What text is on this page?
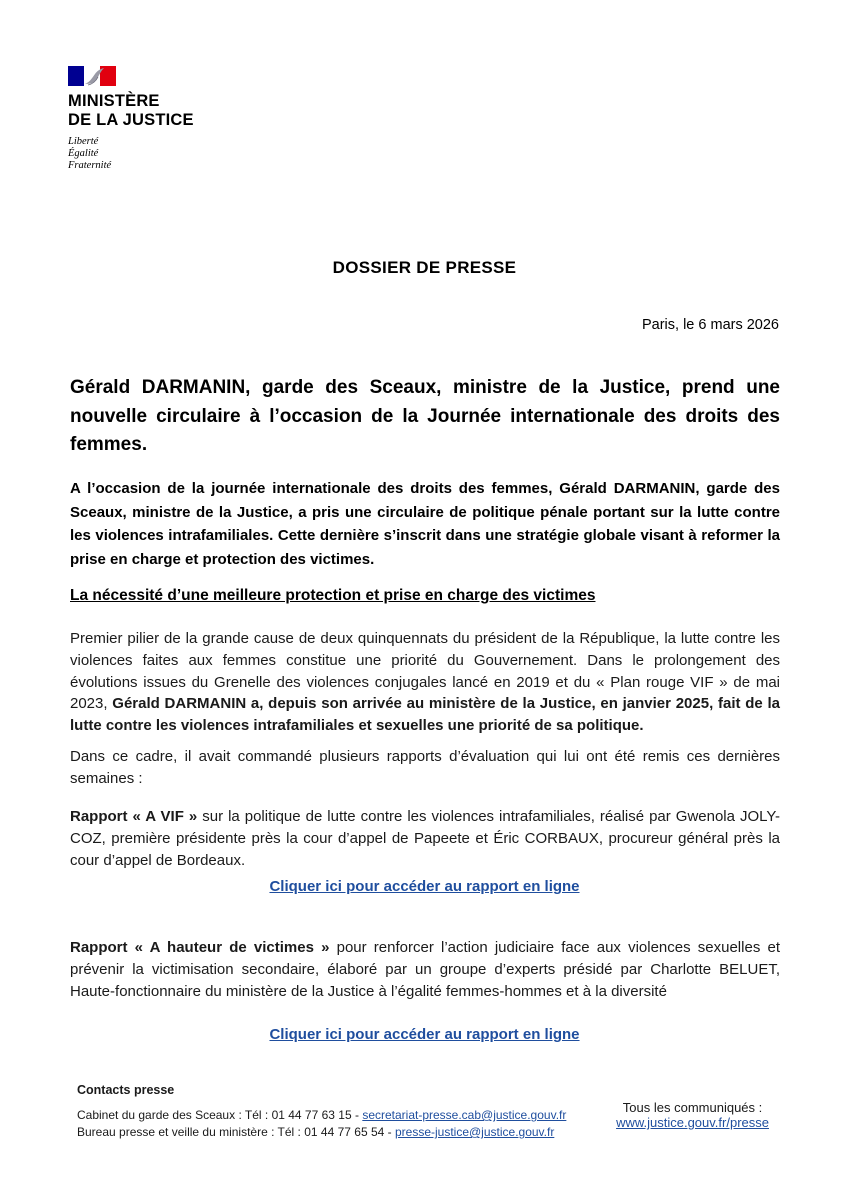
MINISTÈRE
DE LA JUSTICE
Liberté
Égalité
Fraternité
DOSSIER DE PRESSE
Paris, le 6 mars 2026
Gérald DARMANIN, garde des Sceaux, ministre de la Justice, prend une nouvelle circulaire à l’occasion de la Journée internationale des droits des femmes.
A l’occasion de la journée internationale des droits des femmes, Gérald DARMANIN, garde des Sceaux, ministre de la Justice, a pris une circulaire de politique pénale portant sur la lutte contre les violences intrafamiliales. Cette dernière s’inscrit dans une stratégie globale visant à reformer la prise en charge et protection des victimes.
La nécessité d’une meilleure protection et prise en charge des victimes
Premier pilier de la grande cause de deux quinquennats du président de la République, la lutte contre les violences faites aux femmes constitue une priorité du Gouvernement. Dans le prolongement des évolutions issues du Grenelle des violences conjugales lancé en 2019 et du « Plan rouge VIF » de mai 2023, Gérald DARMANIN a, depuis son arrivée au ministère de la Justice, en janvier 2025, fait de la lutte contre les violences intrafamiliales et sexuelles une priorité de sa politique.
Dans ce cadre, il avait commandé plusieurs rapports d’évaluation qui lui ont été remis ces dernières semaines :
Rapport « A VIF » sur la politique de lutte contre les violences intrafamiliales, réalisé par Gwenola JOLY-COZ, première présidente près la cour d’appel de Papeete et Éric CORBAUX, procureur général près la cour d’appel de Bordeaux.
Cliquer ici pour accéder au rapport en ligne
Rapport « A hauteur de victimes » pour renforcer l’action judiciaire face aux violences sexuelles et prévenir la victimisation secondaire, élaboré par un groupe d’experts présidé par Charlotte BELUET, Haute-fonctionnaire du ministère de la Justice à l’égalité femmes-hommes et à la diversité
Cliquer ici pour accéder au rapport en ligne
Contacts presse
Cabinet du garde des Sceaux : Tél : 01 44 77 63 15 - secretariat-presse.cab@justice.gouv.fr
Bureau presse et veille du ministère : Tél : 01 44 77 65 54 - presse-justice@justice.gouv.fr
Tous les communiqués :
www.justice.gouv.fr/presse
